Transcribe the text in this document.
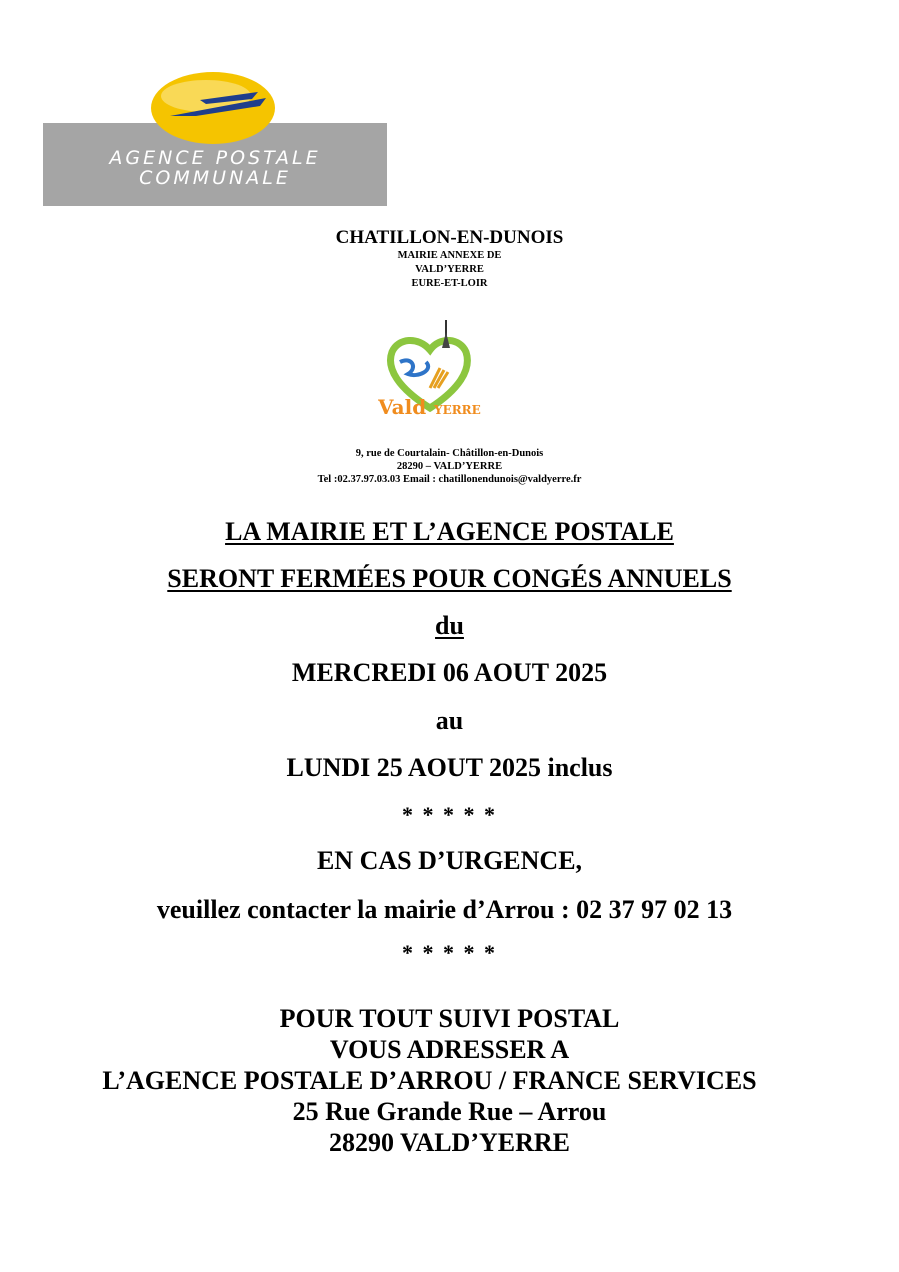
AGENCE POSTALE
COMMUNALE
CHATILLON-EN-DUNOIS
MAIRIE ANNEXE DE
VALD’YERRE
EURE-ET-LOIR
Vald YERRE
9, rue de Courtalain- Châtillon-en-Dunois
28290 – VALD’YERRE
Tel :02.37.97.03.03 Email : chatillonendunois@valdyerre.fr
LA MAIRIE ET L’AGENCE POSTALE
SERONT FERMÉES POUR CONGÉS ANNUELS
du
MERCREDI 06 AOUT 2025
au
LUNDI 25 AOUT 2025 inclus
* * * * *
EN CAS D’URGENCE,
veuillez contacter la mairie d’Arrou : 02 37 97 02 13
* * * * *
POUR TOUT SUIVI POSTAL
VOUS ADRESSER A
L’AGENCE POSTALE D’ARROU / FRANCE SERVICES
25 Rue Grande Rue – Arrou
28290 VALD’YERRE
